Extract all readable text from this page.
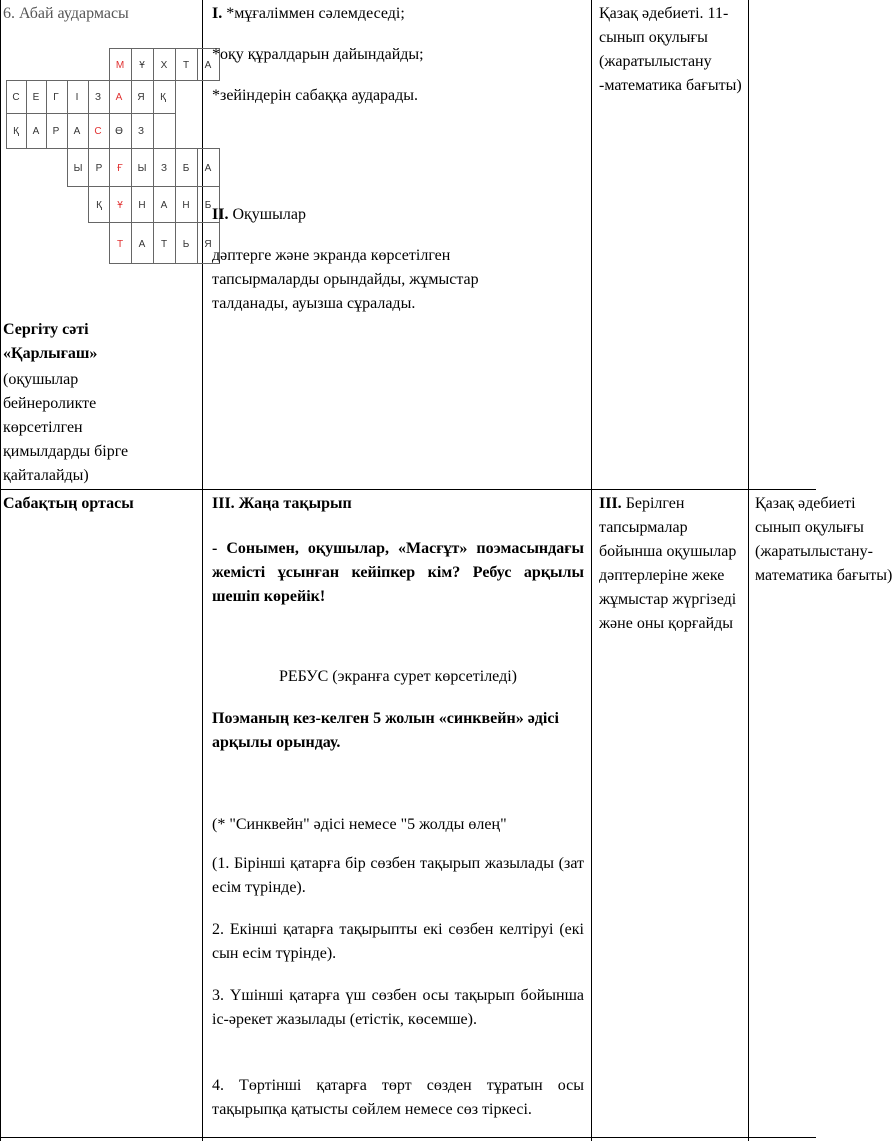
6. Абай аудармасы
М Ұ Х Т А
С Е Г І З А Я Қ
Қ А Р А С Ө З
Ы Р Ғ Ы З Б А
Қ Ұ Н А Н Б
Т А Т Ь Я
Сергіту сәті «Қарлығаш»
(оқушылар бейнероликте көрсетілген қимылдарды бірге қайталайды)
І. *мұғаліммен сәлемдеседі;
*оқу құралдарын дайындайды;
*зейіндерін сабаққа аударады.
ІІ. Оқушылар
дәптерге және экранда көрсетілген тапсырмаларды орындайды, жұмыстар талданады, ауызша сұралады.
Қазақ әдебиеті. 11-сынып оқулығы (жаратылыстану -математика бағыты)
Сабақтың ортасы	ІІІ. Жаңа тақырып
- Сонымен, оқушылар, «Масғұт» поэмасындағы жемісті ұсынған кейіпкер кім? Ребус арқылы шешіп көрейік!
РЕБУС (экранға сурет көрсетіледі)
Поэманың кез-келген 5 жолын «синквейн» әдісі арқылы орындау.
(* "Синквейн" әдісі немесе "5 жолды өлең"
(1. Бірінші қатарға бір сөзбен тақырып жазылады (зат есім түрінде).
2. Екінші қатарға тақырыпты екі сөзбен келтіруі (екі сын есім түрінде).
3. Үшінші қатарға үш сөзбен осы тақырып бойынша іс-әрекет жазылады (етістік, көсемше).
4. Төртінші қатарға төрт сөзден тұратын осы тақырыпқа қатысты сөйлем немесе сөз тіркесі.
ІІІ. Берілген тапсырмалар бойынша оқушылар дәптерлеріне жеке жұмыстар жүргізеді және оны қорғайды
Қазақ әдебиеті сынып оқулығы (жаратылыстану-математика бағыты)
